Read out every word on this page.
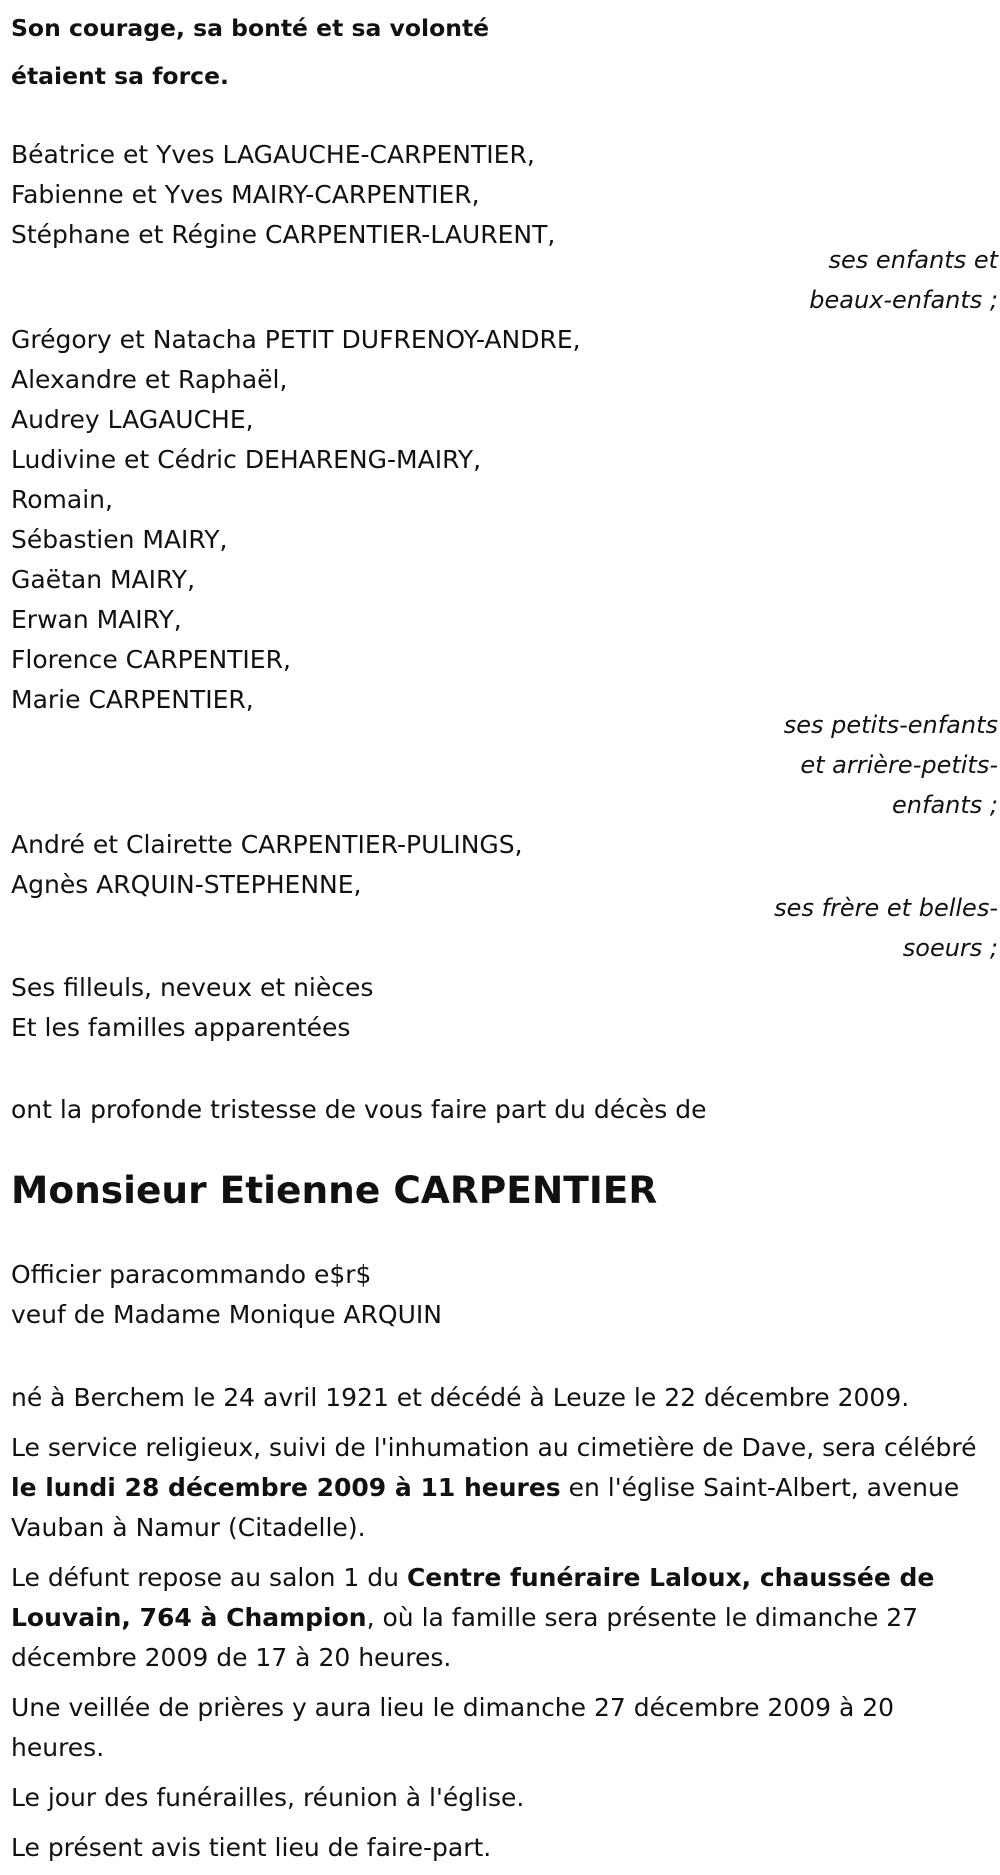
Son courage, sa bonté et sa volonté

étaient sa force.

Béatrice et Yves LAGAUCHE-CARPENTIER,
Fabienne et Yves MAIRY-CARPENTIER,
Stéphane et Régine CARPENTIER-LAURENT,
ses enfants et
beaux-enfants ;
Grégory et Natacha PETIT DUFRENOY-ANDRE,
Alexandre et Raphaël,
Audrey LAGAUCHE,
Ludivine et Cédric DEHARENG-MAIRY,
Romain,
Sébastien MAIRY,
Gaëtan MAIRY,
Erwan MAIRY,
Florence CARPENTIER,
Marie CARPENTIER,
ses petits-enfants
et arrière-petits-
enfants ;
André et Clairette CARPENTIER-PULINGS,
Agnès ARQUIN-STEPHENNE,
ses frère et belles-
soeurs ;
Ses filleuls, neveux et nièces
Et les familles apparentées

ont la profonde tristesse de vous faire part du décès de

Monsieur Etienne CARPENTIER

Officier paracommando e$r$

veuf de Madame Monique ARQUIN

né à Berchem le 24 avril 1921 et décédé à Leuze le 22 décembre 2009.

Le service religieux, suivi de l'inhumation au cimetière de Dave, sera célébré le lundi 28 décembre 2009 à 11 heures en l'église Saint-Albert, avenue Vauban à Namur (Citadelle).

Le défunt repose au salon 1 du Centre funéraire Laloux, chaussée de Louvain, 764 à Champion, où la famille sera présente le dimanche 27 décembre 2009 de 17 à 20 heures.

Une veillée de prières y aura lieu le dimanche 27 décembre 2009 à 20 heures.

Le jour des funérailles, réunion à l'église.

Le présent avis tient lieu de faire-part.
